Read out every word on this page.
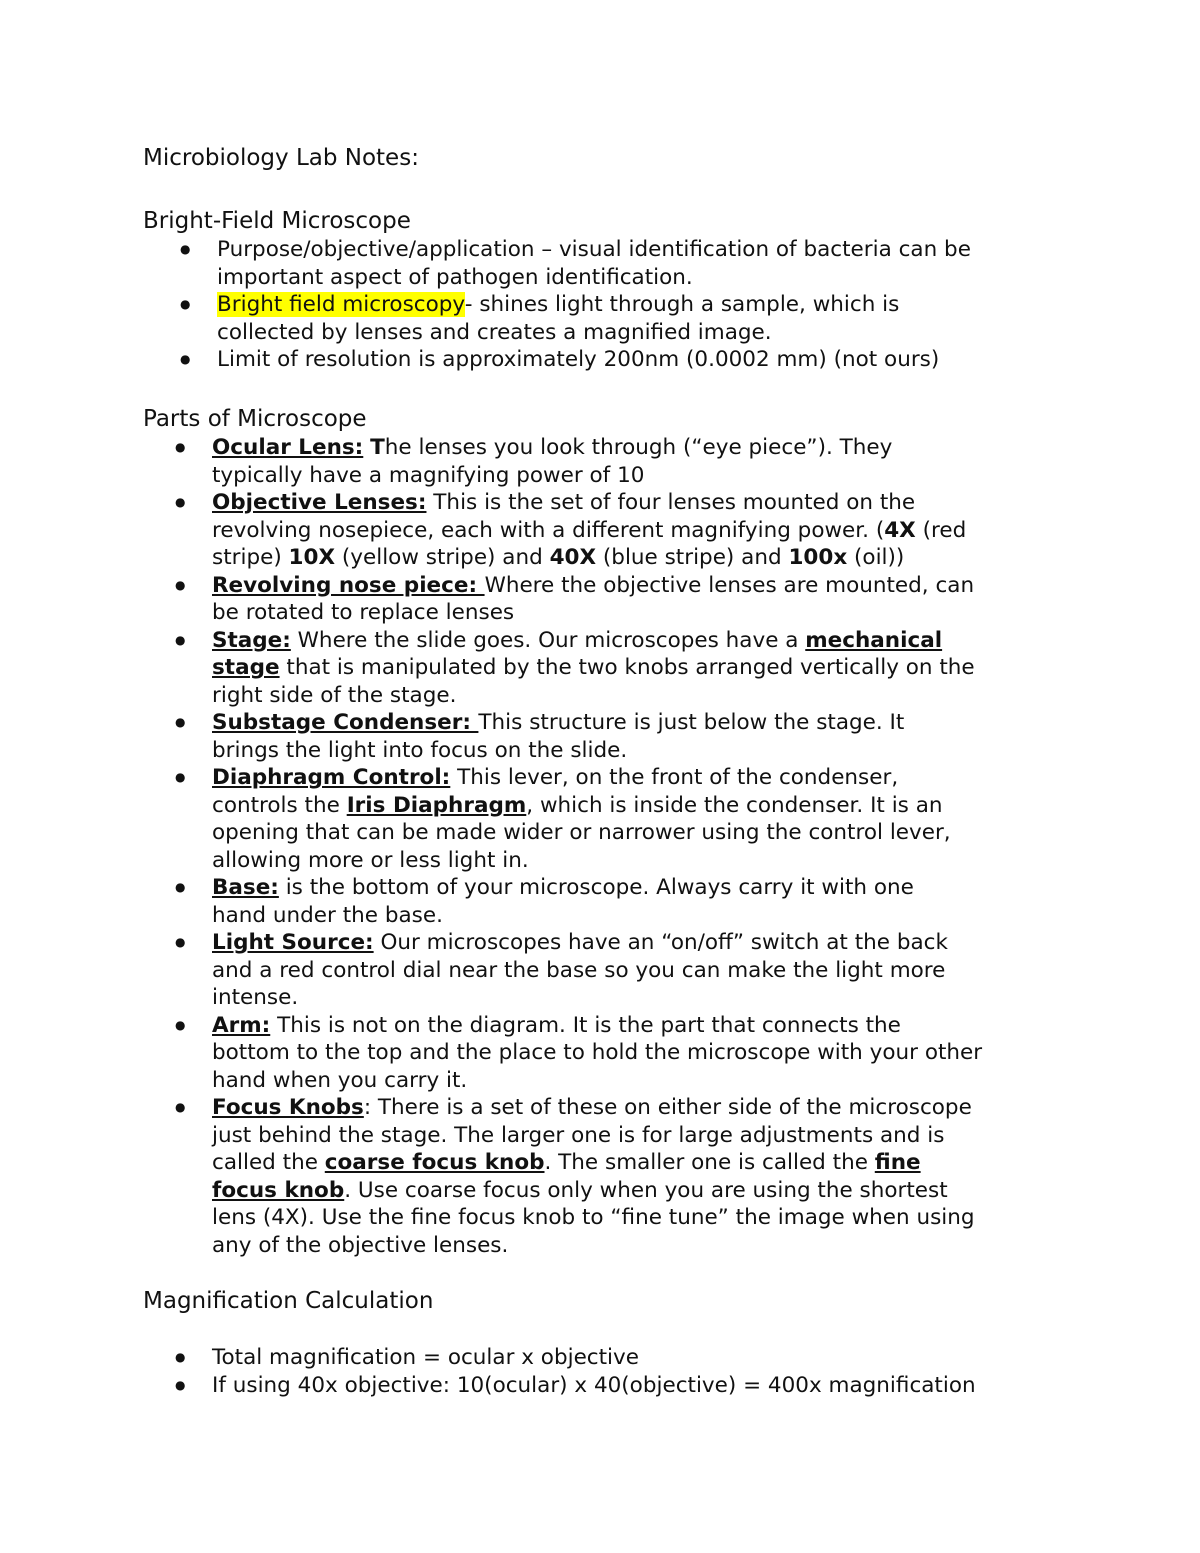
Microbiology Lab Notes:
Bright-Field Microscope
● Purpose/objective/application – visual identification of bacteria can be
important aspect of pathogen identification.
● Bright field microscopy- shines light through a sample, which is
collected by lenses and creates a magnified image.
● Limit of resolution is approximately 200nm (0.0002 mm) (not ours)
Parts of Microscope
● Ocular Lens: The lenses you look through (“eye piece”). They
typically have a magnifying power of 10
● Objective Lenses: This is the set of four lenses mounted on the
revolving nosepiece, each with a different magnifying power. (4X (red
stripe) 10X (yellow stripe) and 40X (blue stripe) and 100x (oil))
● Revolving nose piece: Where the objective lenses are mounted, can
be rotated to replace lenses
● Stage: Where the slide goes. Our microscopes have a mechanical
stage that is manipulated by the two knobs arranged vertically on the
right side of the stage.
● Substage Condenser: This structure is just below the stage. It
brings the light into focus on the slide.
● Diaphragm Control: This lever, on the front of the condenser,
controls the Iris Diaphragm, which is inside the condenser. It is an
opening that can be made wider or narrower using the control lever,
allowing more or less light in.
● Base: is the bottom of your microscope. Always carry it with one
hand under the base.
● Light Source: Our microscopes have an “on/off” switch at the back
and a red control dial near the base so you can make the light more
intense.
● Arm: This is not on the diagram. It is the part that connects the
bottom to the top and the place to hold the microscope with your other
hand when you carry it.
● Focus Knobs: There is a set of these on either side of the microscope
just behind the stage. The larger one is for large adjustments and is
called the coarse focus knob. The smaller one is called the fine
focus knob. Use coarse focus only when you are using the shortest
lens (4X). Use the fine focus knob to “fine tune” the image when using
any of the objective lenses.
Magnification Calculation
● Total magnification = ocular x objective
● If using 40x objective: 10(ocular) x 40(objective) = 400x magnification
